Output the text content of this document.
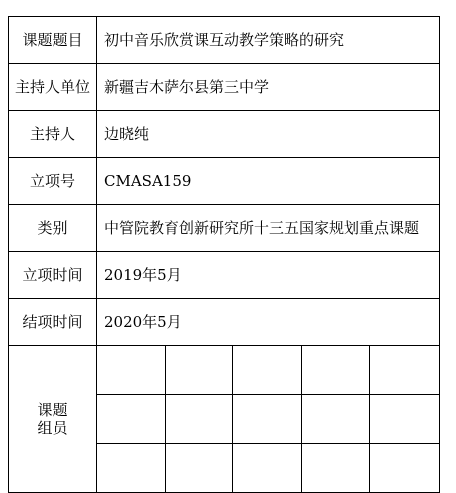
课题题目	初中音乐欣赏课互动教学策略的研究				
主持人单位	新疆吉木萨尔县第三中学				
主持人	边晓纯				
立项号	CMASA159				
类别	中管院教育创新研究所十三五国家规划重点课题				
立项时间	2019年5月				
结项时间	2020年5月				

课题
组员					
